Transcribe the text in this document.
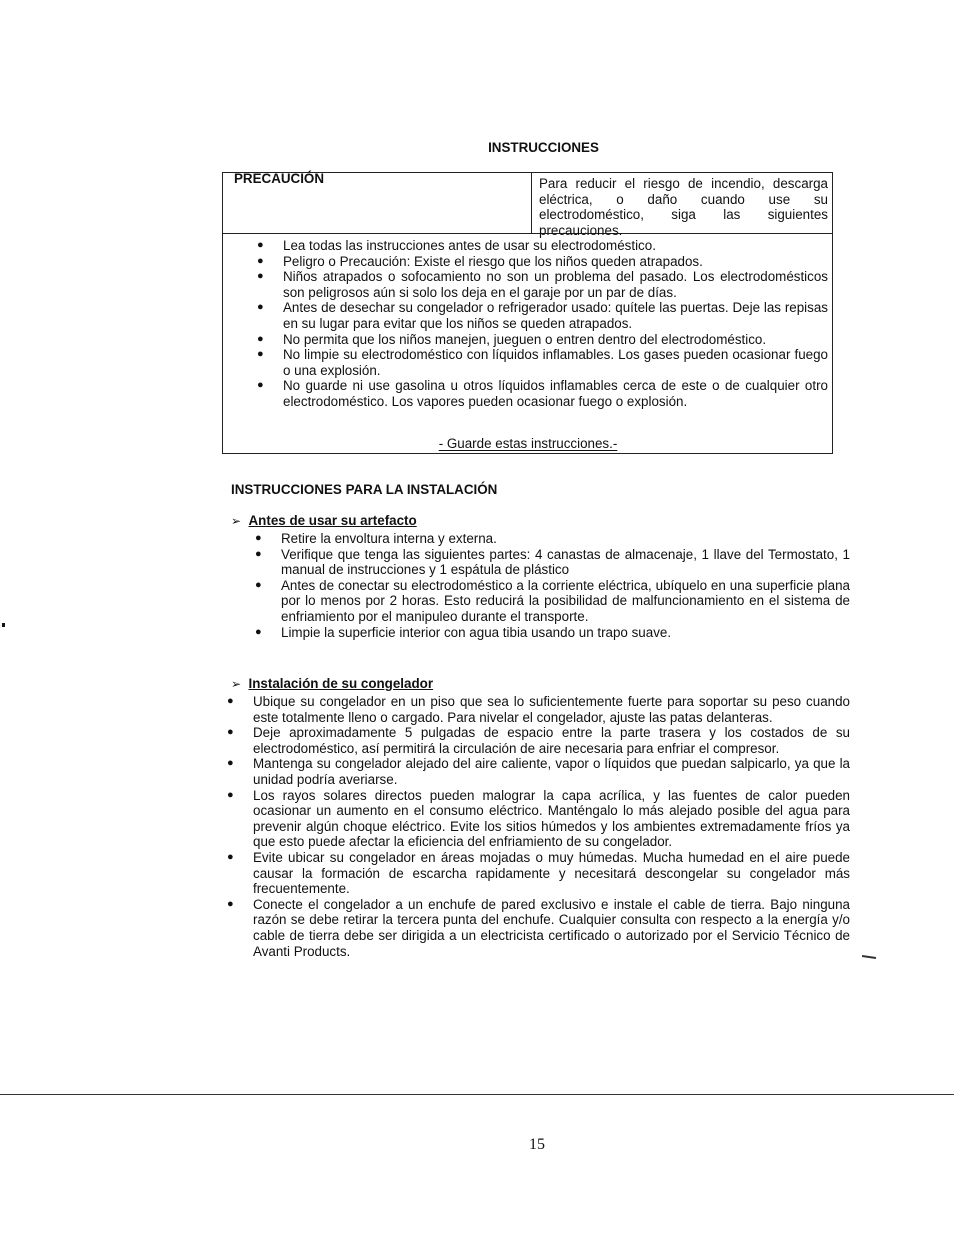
INSTRUCCIONES
PRECAUCIÓN	Para reducir el riesgo de incendio, descarga
eléctrica, o daño cuando use su
electrodoméstico, siga las siguientes
precauciones.
● Lea todas las instrucciones antes de usar su electrodoméstico.
● Peligro o Precaución: Existe el riesgo que los niños queden atrapados.
● Niños atrapados o sofocamiento no son un problema del pasado. Los electrodomésticos son peligrosos aún si solo los deja en el garaje por un par de días.
● Antes de desechar su congelador o refrigerador usado: quítele las puertas. Deje las repisas en su lugar para evitar que los niños se queden atrapados.
● No permita que los niños manejen, jueguen o entren dentro del electrodoméstico.
● No limpie su electrodoméstico con líquidos inflamables. Los gases pueden ocasionar fuego o una explosión.
● No guarde ni use gasolina u otros líquidos inflamables cerca de este o de cualquier otro electrodoméstico. Los vapores pueden ocasionar fuego o explosión.
- Guarde estas instrucciones.-
INSTRUCCIONES PARA LA INSTALACIÓN
➢ Antes de usar su artefacto
● Retire la envoltura interna y externa.
● Verifique que tenga las siguientes partes: 4 canastas de almacenaje, 1 llave del Termostato, 1 manual de instrucciones y 1 espátula de plástico
● Antes de conectar su electrodoméstico a la corriente eléctrica, ubíquelo en una superficie plana por lo menos por 2 horas. Esto reducirá la posibilidad de malfuncionamiento en el sistema de enfriamiento por el manipuleo durante el transporte.
● Limpie la superficie interior con agua tibia usando un trapo suave.
➢ Instalación de su congelador
● Ubique su congelador en un piso que sea lo suficientemente fuerte para soportar su peso cuando este totalmente lleno o cargado. Para nivelar el congelador, ajuste las patas delanteras.
● Deje aproximadamente 5 pulgadas de espacio entre la parte trasera y los costados de su electrodoméstico, así permitirá la circulación de aire necesaria para enfriar el compresor.
● Mantenga su congelador alejado del aire caliente, vapor o líquidos que puedan salpicarlo, ya que la unidad podría averiarse.
● Los rayos solares directos pueden malograr la capa acrílica, y las fuentes de calor pueden ocasionar un aumento en el consumo eléctrico. Manténgalo lo más alejado posible del agua para prevenir algún choque eléctrico. Evite los sitios húmedos y los ambientes extremadamente fríos ya que esto puede afectar la eficiencia del enfriamiento de su congelador.
● Evite ubicar su congelador en áreas mojadas o muy húmedas. Mucha humedad en el aire puede causar la formación de escarcha rapidamente y necesitará descongelar su congelador más frecuentemente.
● Conecte el congelador a un enchufe de pared exclusivo e instale el cable de tierra. Bajo ninguna razón se debe retirar la tercera punta del enchufe. Cualquier consulta con respecto a la energía y/o cable de tierra debe ser dirigida a un electricista certificado o autorizado por el Servicio Técnico de Avanti Products.
15
